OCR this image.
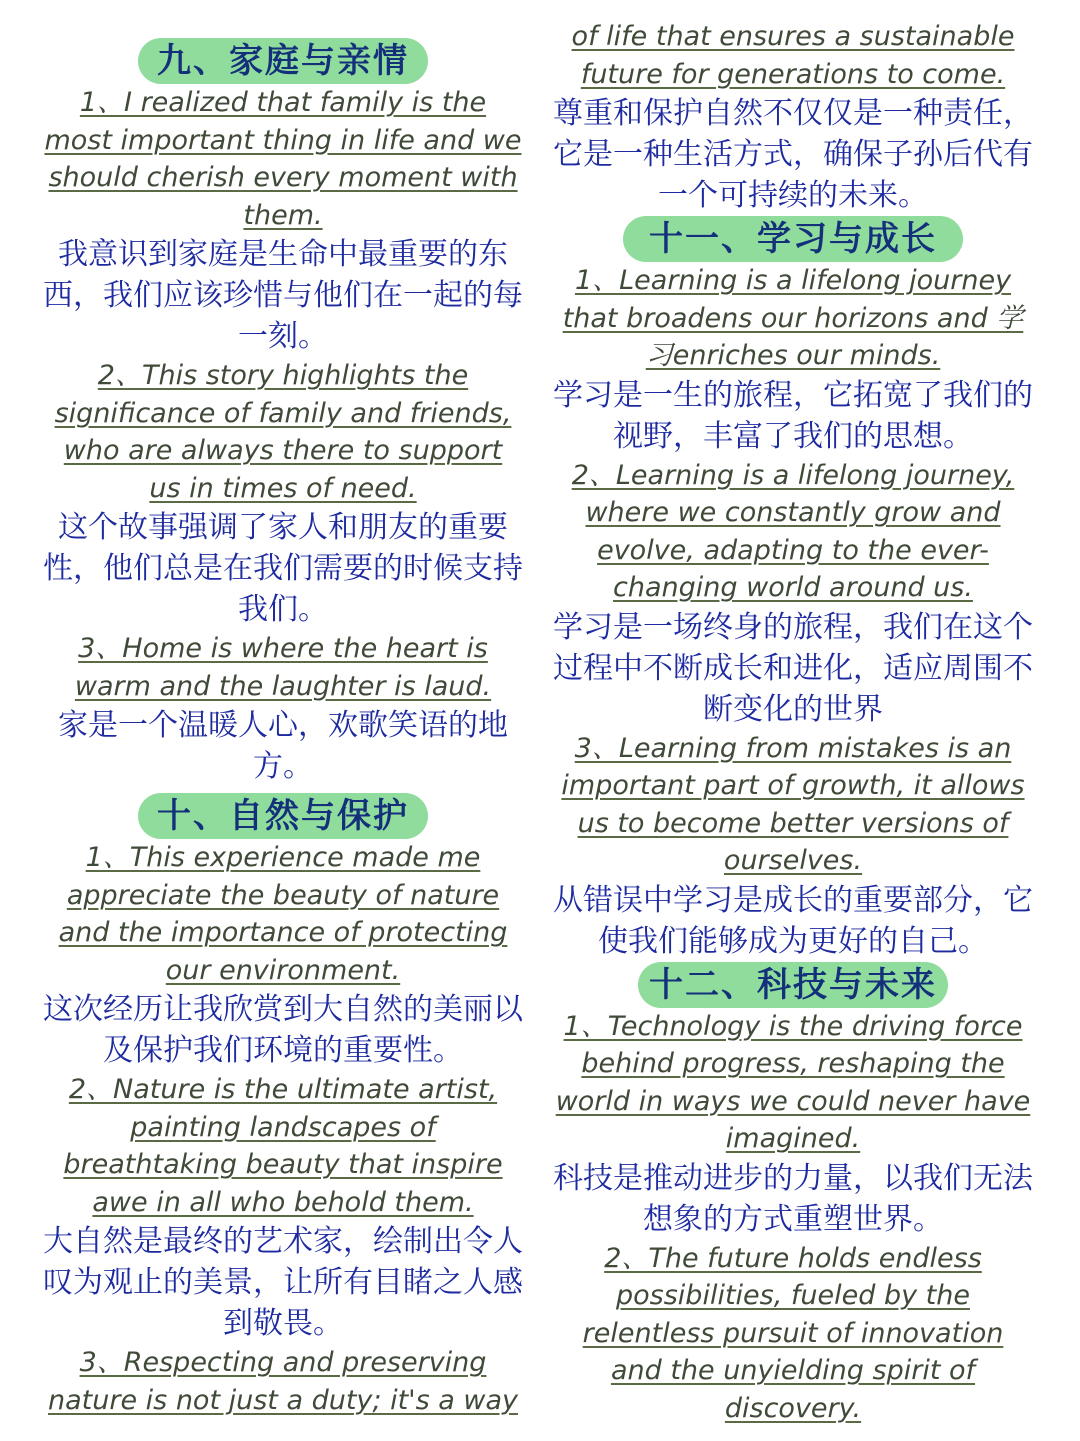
九、家庭与亲情

1、I realized that family is the most important thing in life and we should cherish every moment with them.

我意识到家庭是生命中最重要的东西，我们应该珍惜与他们在一起的每一刻。

2、This story highlights the significance of family and friends, who are always there to support us in times of need.

这个故事强调了家人和朋友的重要性，他们总是在我们需要的时候支持我们。

3、Home is where the heart is warm and the laughter is laud.

家是一个温暖人心，欢歌笑语的地方。

十、自然与保护

1、This experience made me appreciate the beauty of nature and the importance of protecting our environment.

这次经历让我欣赏到大自然的美丽以及保护我们环境的重要性。

2、Nature is the ultimate artist, painting landscapes of breathtaking beauty that inspire awe in all who behold them.

大自然是最终的艺术家，绘制出令人叹为观止的美景，让所有目睹之人感到敬畏。

3、Respecting and preserving nature is not just a duty; it's a way

of life that ensures a sustainable future for generations to come.

尊重和保护自然不仅仅是一种责任，它是一种生活方式，确保子孙后代有一个可持续的未来。

十一、学习与成长

1、Learning is a lifelong journey that broadens our horizons and 学习enriches our minds.

学习是一生的旅程，它拓宽了我们的视野，丰富了我们的思想。

2、Learning is a lifelong journey, where we constantly grow and evolve, adapting to the ever-changing world around us.

学习是一场终身的旅程，我们在这个过程中不断成长和进化，适应周围不断变化的世界

3、Learning from mistakes is an important part of growth, it allows us to become better versions of ourselves.

从错误中学习是成长的重要部分，它使我们能够成为更好的自己。

十二、科技与未来

1、Technology is the driving force behind progress, reshaping the world in ways we could never have imagined.

科技是推动进步的力量，以我们无法想象的方式重塑世界。

2、The future holds endless possibilities, fueled by the relentless pursuit of innovation and the unyielding spirit of discovery.
